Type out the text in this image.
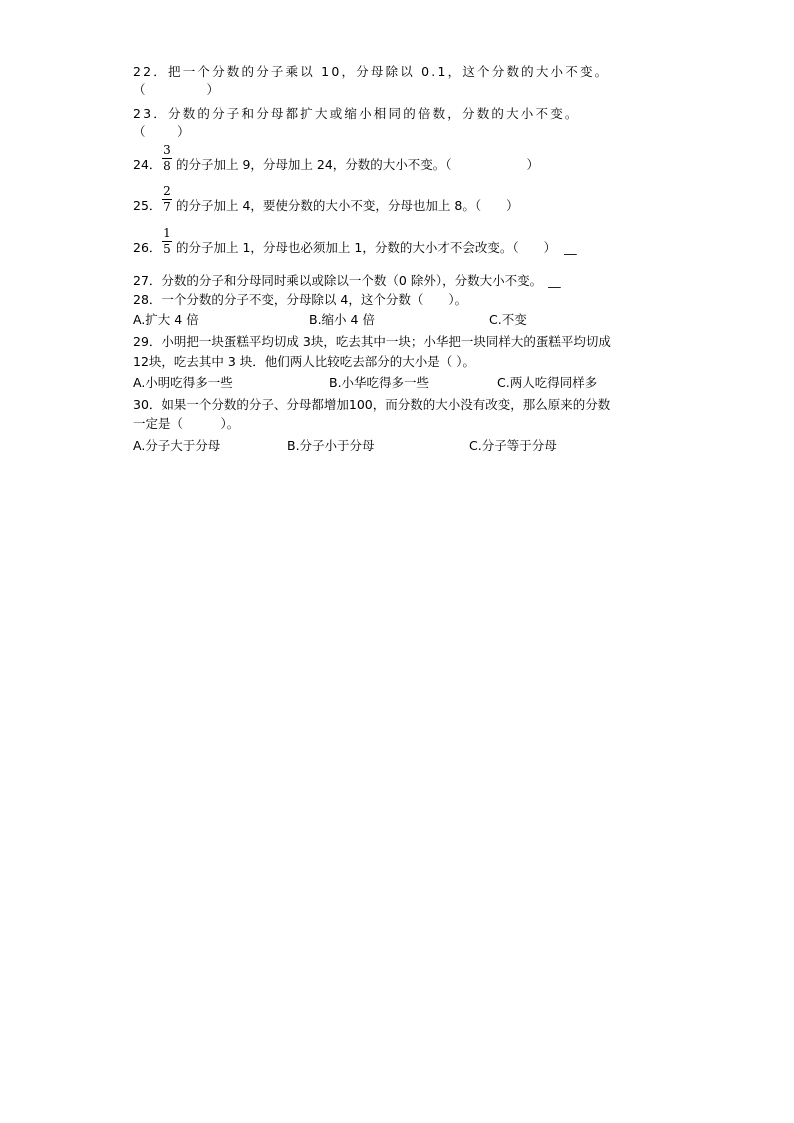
22．把一个分数的分子乘以 10，分母除以 0.1，这个分数的大小不变。
（　　　　）
23．分数的分子和分母都扩大或缩小相同的倍数，分数的大小不变。
（　　）
24． 的分子加上 9，分母加上 24，分数的大小不变。（　　　　　　）
3
8
25． 的分子加上 4，要使分数的大小不变，分母也加上 8。（　　）
2
7
26． 的分子加上 1，分母也必须加上 1，分数的大小才不会改变。（　　） __
1
5
27．分数的分子和分母同时乘以或除以一个数（0 除外），分数大小不变。 __
28．一个分数的分子不变，分母除以 4，这个分数（　　）。
A.扩大 4 倍	B.缩小 4 倍	C.不变
29．小明把一块蛋糕平均切成 3块，吃去其中一块；小华把一块同样大的蛋糕平均切成
12块，吃去其中 3 块．他们两人比较吃去部分的大小是（ ）。
A.小明吃得多一些	B.小华吃得多一些	C.两人吃得同样多
30．如果一个分数的分子、分母都增加100，而分数的大小没有改变，那么原来的分数
一定是（　　　）。
A.分子大于分母	B.分子小于分母	C.分子等于分母
